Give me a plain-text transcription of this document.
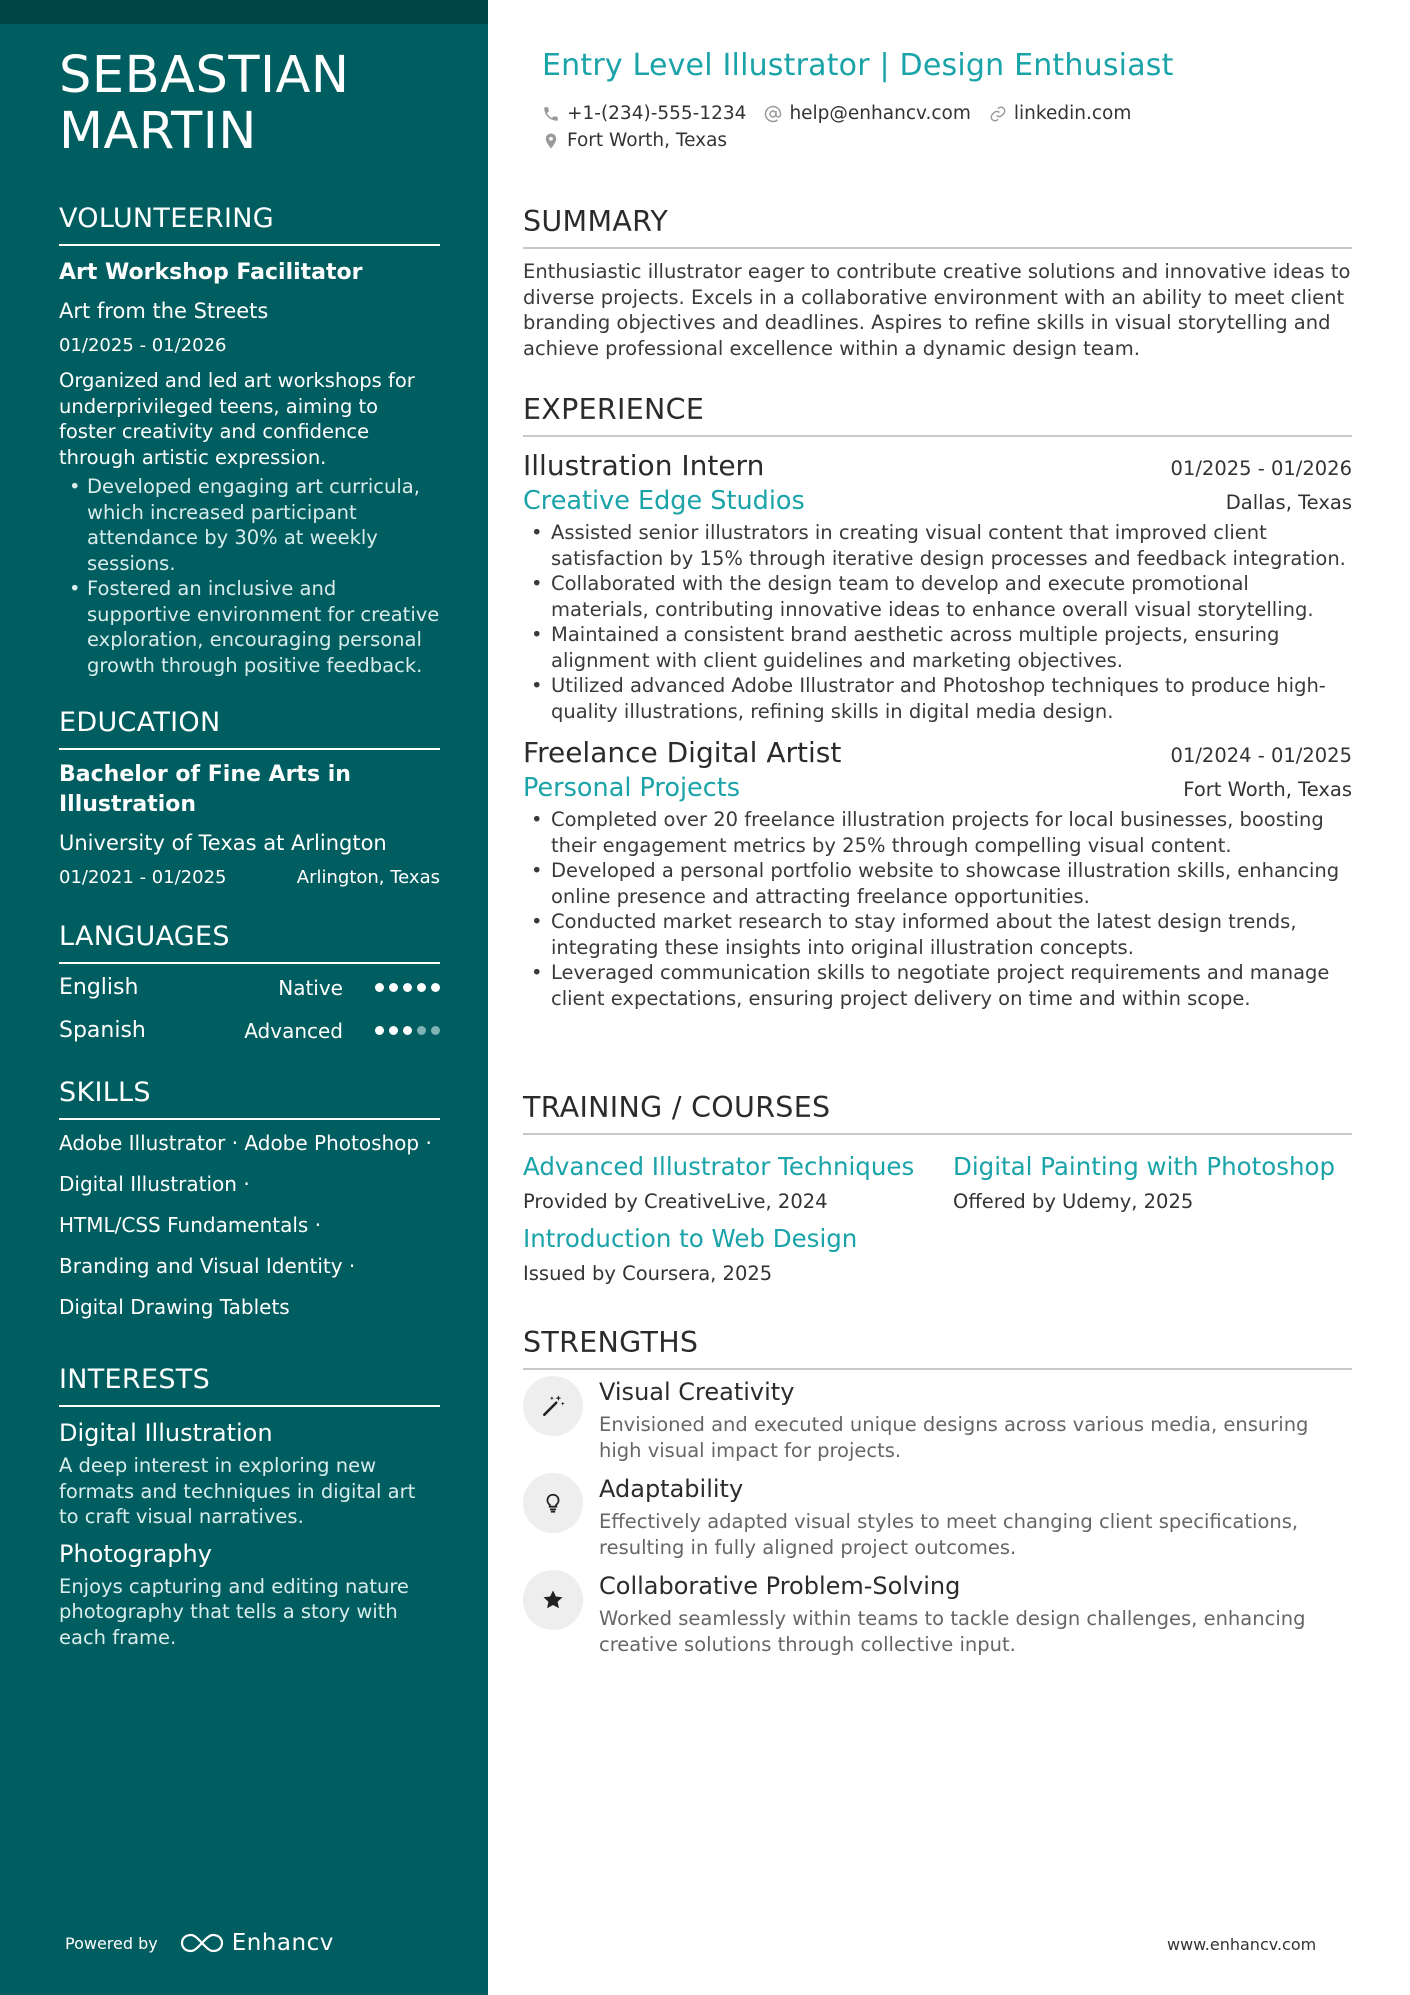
SEBASTIAN
MARTIN
VOLUNTEERING
Art Workshop Facilitator
Art from the Streets
01/2025 - 01/2026
Organized and led art workshops for underprivileged teens, aiming to foster creativity and confidence through artistic expression.
• Developed engaging art curricula, which increased participant attendance by 30% at weekly sessions.
• Fostered an inclusive and supportive environment for creative exploration, encouraging personal growth through positive feedback.
EDUCATION
Bachelor of Fine Arts in Illustration
University of Texas at Arlington
01/2021 - 01/2025	Arlington, Texas
LANGUAGES
English	Native
Spanish	Advanced
SKILLS
Adobe Illustrator · Adobe Photoshop ·
Digital Illustration ·
HTML/CSS Fundamentals ·
Branding and Visual Identity ·
Digital Drawing Tablets
INTERESTS
Digital Illustration
A deep interest in exploring new formats and techniques in digital art to craft visual narratives.
Photography
Enjoys capturing and editing nature photography that tells a story with each frame.
Powered by	Enhancv
Entry Level Illustrator | Design Enthusiast
+1-(234)-555-1234 help@enhancv.com linkedin.com
Fort Worth, Texas
SUMMARY
Enthusiastic illustrator eager to contribute creative solutions and innovative ideas to diverse projects. Excels in a collaborative environment with an ability to meet client branding objectives and deadlines. Aspires to refine skills in visual storytelling and achieve professional excellence within a dynamic design team.
EXPERIENCE
Illustration Intern	01/2025 - 01/2026
Creative Edge Studios	Dallas, Texas
• Assisted senior illustrators in creating visual content that improved client satisfaction by 15% through iterative design processes and feedback integration.
• Collaborated with the design team to develop and execute promotional materials, contributing innovative ideas to enhance overall visual storytelling.
• Maintained a consistent brand aesthetic across multiple projects, ensuring alignment with client guidelines and marketing objectives.
• Utilized advanced Adobe Illustrator and Photoshop techniques to produce high-quality illustrations, refining skills in digital media design.
Freelance Digital Artist	01/2024 - 01/2025
Personal Projects	Fort Worth, Texas
• Completed over 20 freelance illustration projects for local businesses, boosting their engagement metrics by 25% through compelling visual content.
• Developed a personal portfolio website to showcase illustration skills, enhancing online presence and attracting freelance opportunities.
• Conducted market research to stay informed about the latest design trends, integrating these insights into original illustration concepts.
• Leveraged communication skills to negotiate project requirements and manage client expectations, ensuring project delivery on time and within scope.
TRAINING / COURSES
Advanced Illustrator Techniques
Provided by CreativeLive, 2024
Digital Painting with Photoshop
Offered by Udemy, 2025
Introduction to Web Design
Issued by Coursera, 2025
STRENGTHS
Visual Creativity
Envisioned and executed unique designs across various media, ensuring high visual impact for projects.
Adaptability
Effectively adapted visual styles to meet changing client specifications, resulting in fully aligned project outcomes.
Collaborative Problem-Solving
Worked seamlessly within teams to tackle design challenges, enhancing creative solutions through collective input.
www.enhancv.com
